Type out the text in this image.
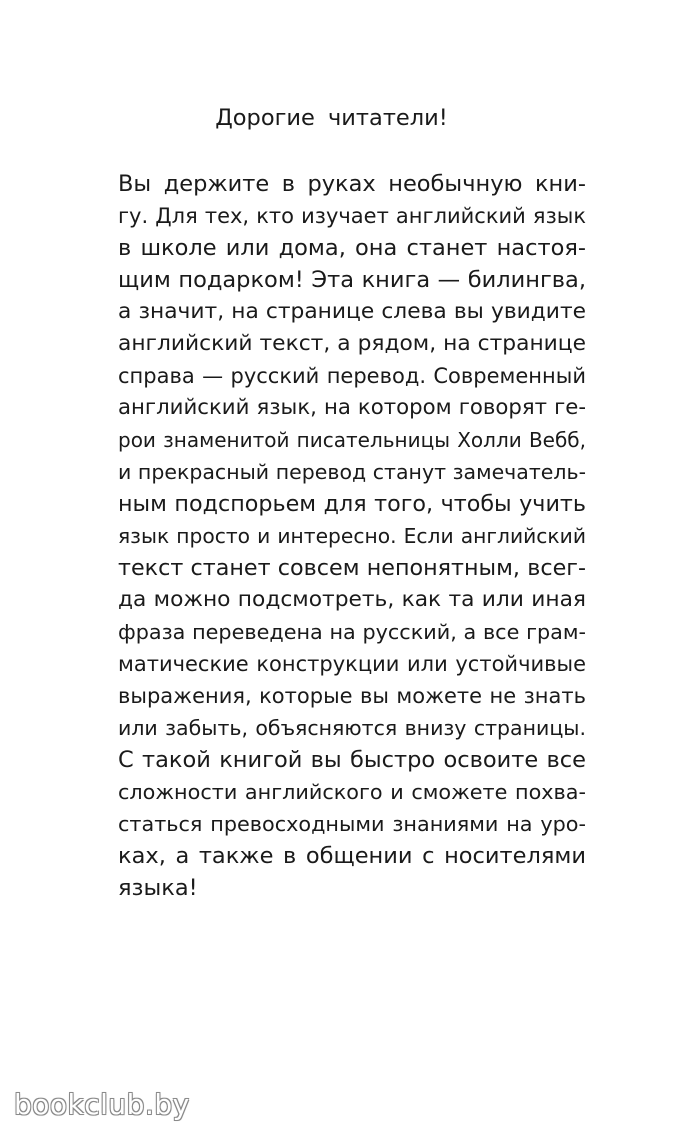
Дорогие читатели!
Вы держите в руках необычную кни-
гу. Для тех, кто изучает английский язык
в школе или дома, она станет настоя-
щим подарком! Эта книга — билингва,
а значит, на странице слева вы увидите
английский текст, а рядом, на странице
справа — русский перевод. Современный
английский язык, на котором говорят ге-
рои знаменитой писательницы Холли Вебб,
и прекрасный перевод станут замечатель-
ным подспорьем для того, чтобы учить
язык просто и интересно. Если английский
текст станет совсем непонятным, всег-
да можно подсмотреть, как та или иная
фраза переведена на русский, а все грам-
матические конструкции или устойчивые
выражения, которые вы можете не знать
или забыть, объясняются внизу страницы.
С такой книгой вы быстро освоите все
сложности английского и сможете похва-
статься превосходными знаниями на уро-
ках, а также в общении с носителями
языка!
bookclub.by
